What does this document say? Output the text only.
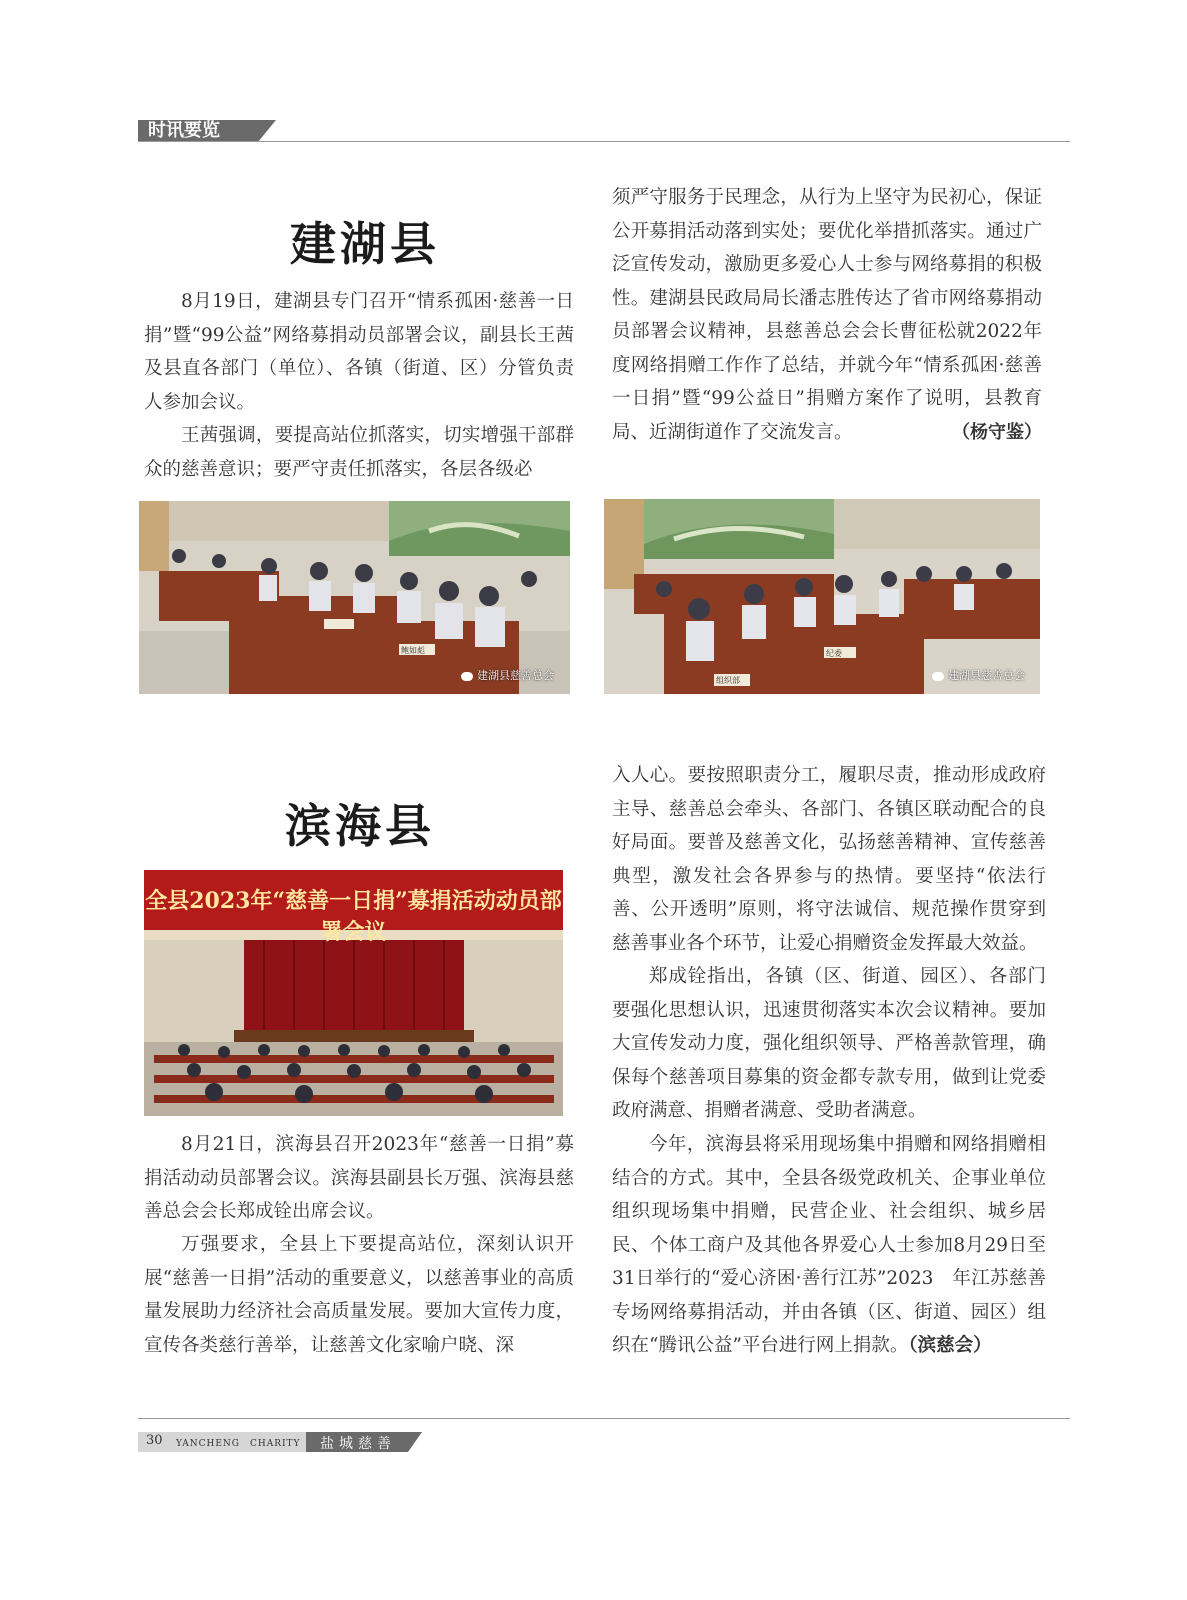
时讯要览
建湖县

8月19日，建湖县专门召开“情系孤困·慈善一日捐”暨“99公益”网络募捐动员部署会议，副县长王茜及县直各部门（单位）、各镇（街道、区）分管负责人参加会议。

王茜强调，要提高站位抓落实，切实增强干部群众的慈善意识；要严守责任抓落实，各层各级必

须严守服务于民理念，从行为上坚守为民初心，保证公开募捐活动落到实处；要优化举措抓落实。通过广泛宣传发动，激励更多爱心人士参与网络募捐的积极性。建湖县民政局局长潘志胜传达了省市网络募捐动员部署会议精神，县慈善总会会长曹征松就2022年度网络捐赠工作作了总结，并就今年“情系孤困·慈善一日捐”暨“99公益日”捐赠方案作了说明，县教育局、近湖街道作了交流发言。	（杨守鉴）
建湖县慈善总会
鲍如彪
建湖县慈善总会
组织部
纪委
滨海县
全县2023年“慈善一日捐”募捐活动动员部署会议

8月21日，滨海县召开2023年“慈善一日捐”募捐活动动员部署会议。滨海县副县长万强、滨海县慈善总会会长郑成铨出席会议。

万强要求，全县上下要提高站位，深刻认识开展“慈善一日捐”活动的重要意义，以慈善事业的高质量发展助力经济社会高质量发展。要加大宣传力度，宣传各类慈行善举，让慈善文化家喻户晓、深

入人心。要按照职责分工，履职尽责，推动形成政府主导、慈善总会牵头、各部门、各镇区联动配合的良好局面。要普及慈善文化，弘扬慈善精神、宣传慈善典型，激发社会各界参与的热情。要坚持“依法行善、公开透明”原则，将守法诚信、规范操作贯穿到慈善事业各个环节，让爱心捐赠资金发挥最大效益。

郑成铨指出，各镇（区、街道、园区）、各部门要强化思想认识，迅速贯彻落实本次会议精神。要加大宣传发动力度，强化组织领导、严格善款管理，确保每个慈善项目募集的资金都专款专用，做到让党委政府满意、捐赠者满意、受助者满意。

今年，滨海县将采用现场集中捐赠和网络捐赠相结合的方式。其中，全县各级党政机关、企事业单位组织现场集中捐赠，民营企业、社会组织、城乡居民、个体工商户及其他各界爱心人士参加8月29日至31日举行的“爱心济困·善行江苏”2023　年江苏慈善专场网络募捐活动，并由各镇（区、街道、园区）组织在“腾讯公益”平台进行网上捐款。（滨慈会）
30 YANCHENG　CHARITY 盐城慈善
